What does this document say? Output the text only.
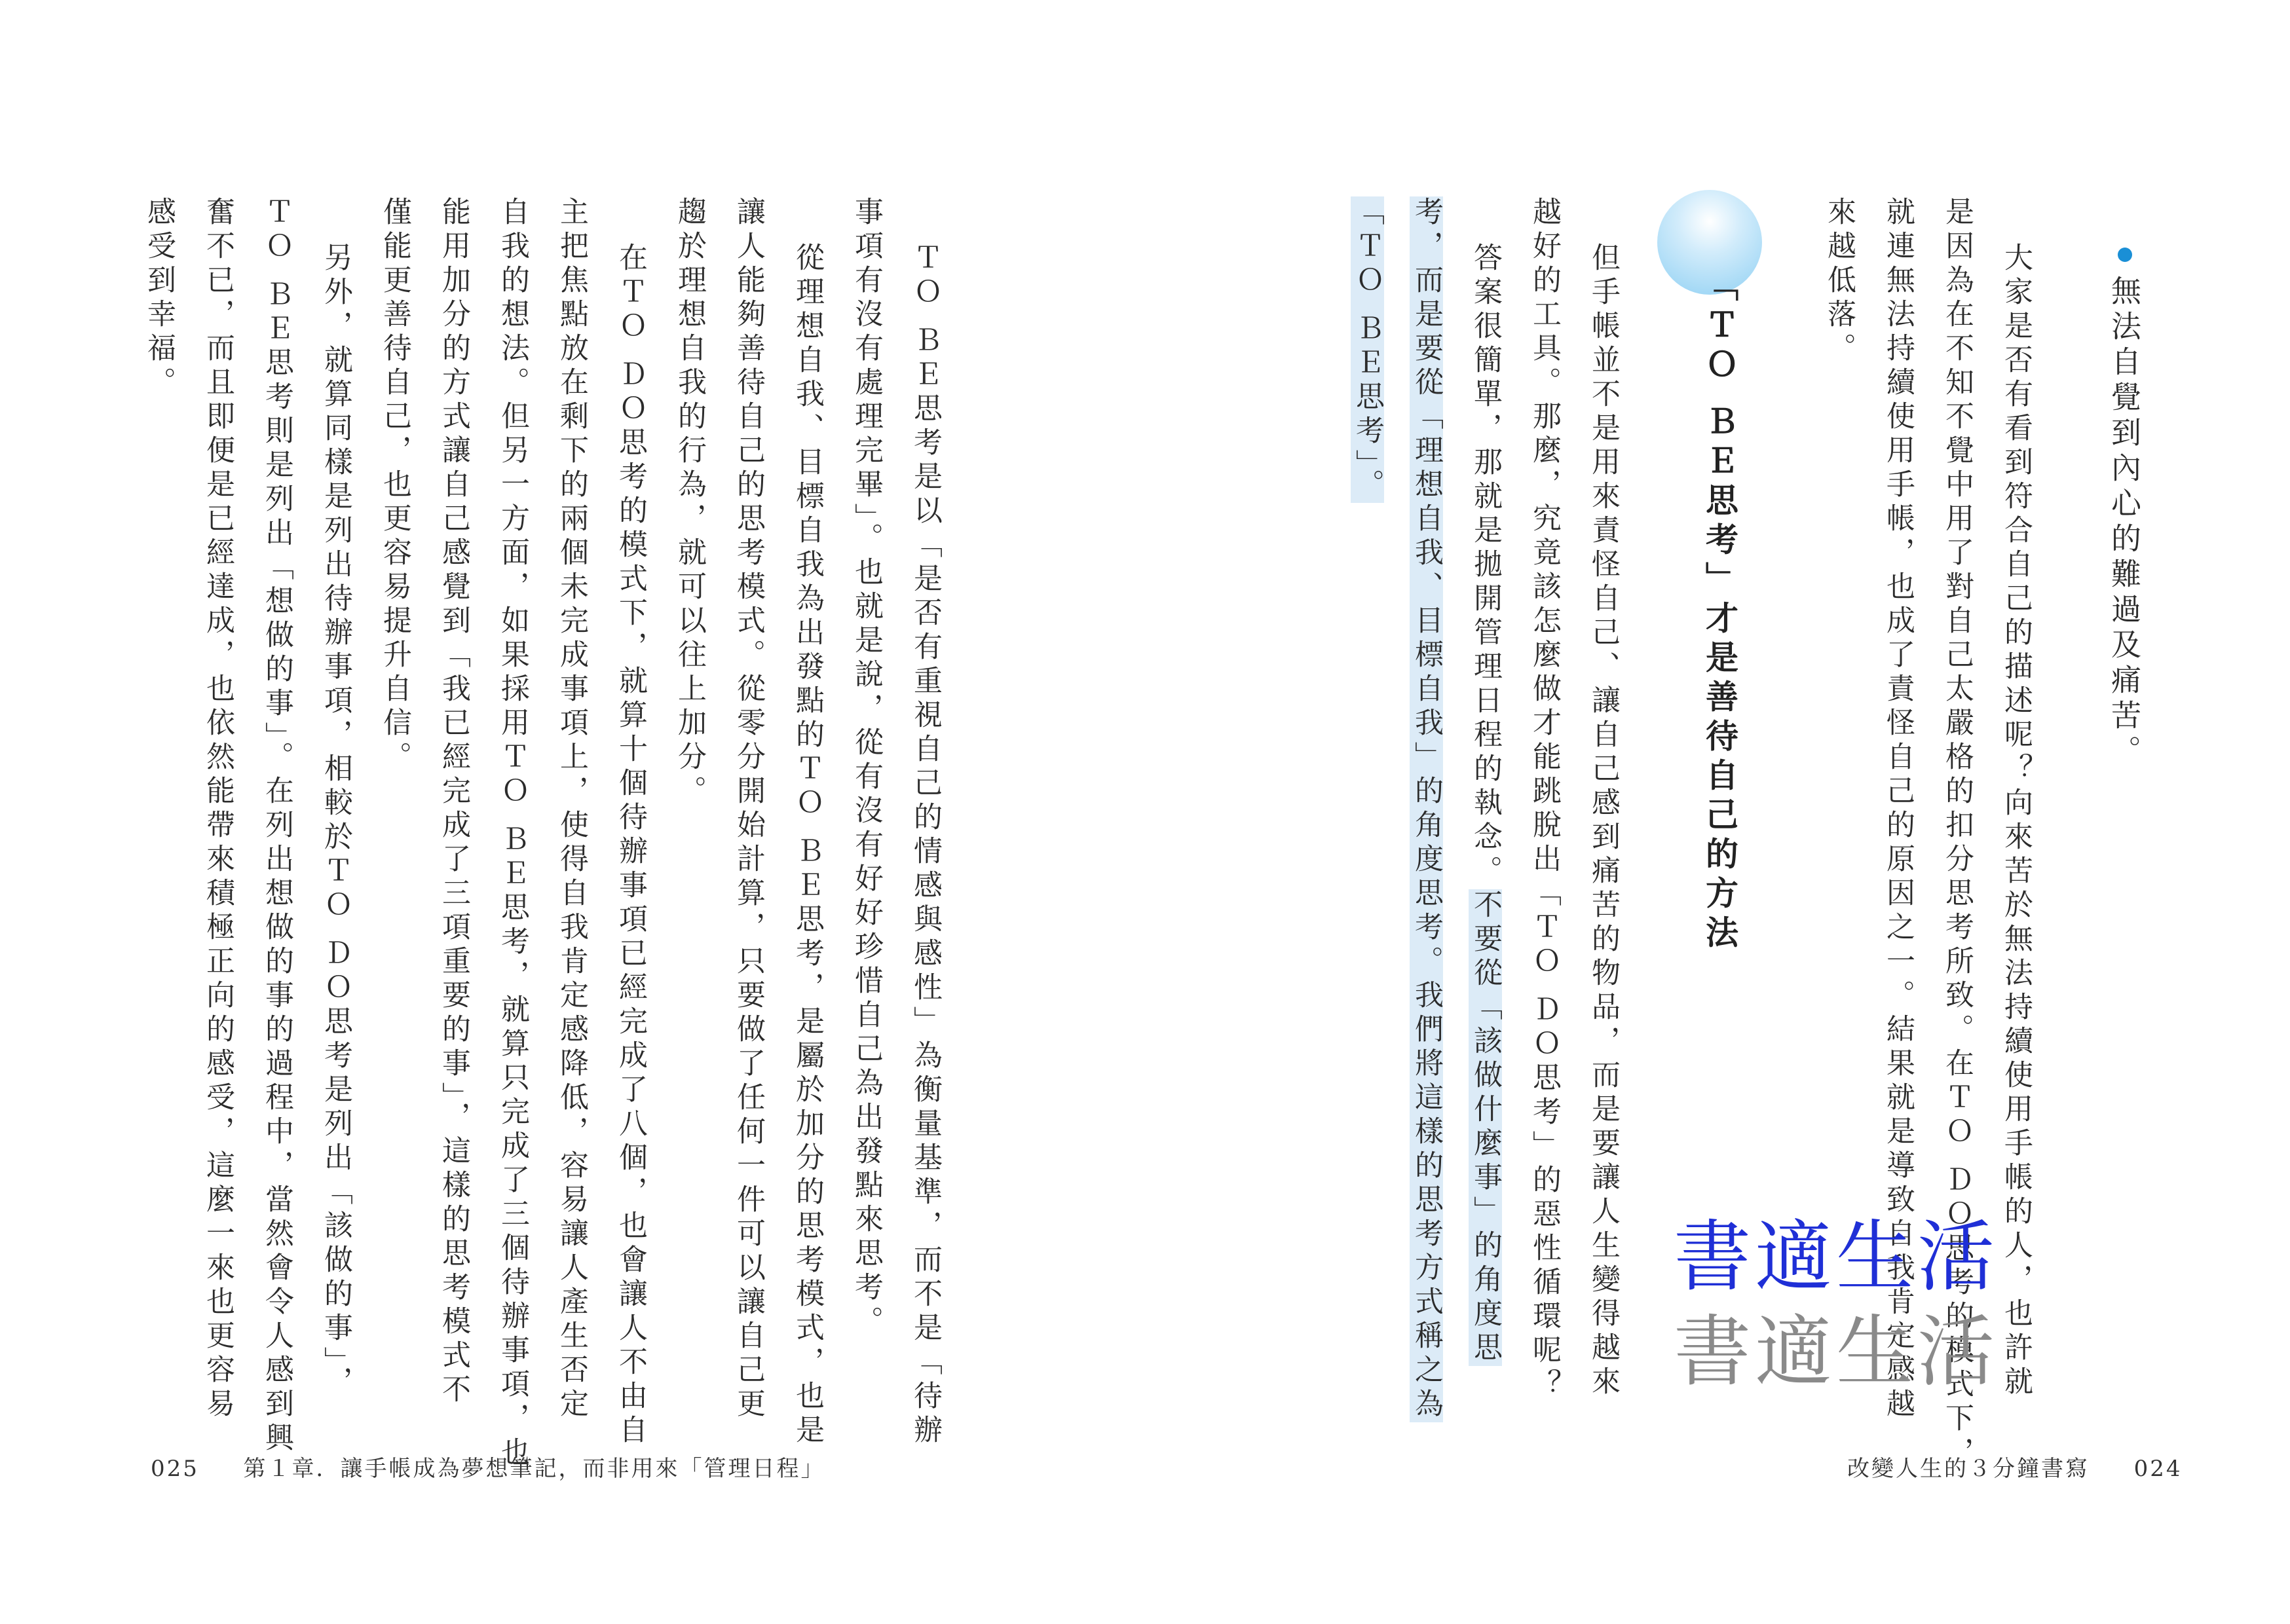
無法自覺到內心的難過及痛苦。
大家是否有看到符合自己的描述呢？向來苦於無法持續使用手帳的人，也許就
是因為在不知不覺中用了對自己太嚴格的扣分思考所致。在ＴＯ ＤＯ思考的模式下，
就連無法持續使用手帳，也成了責怪自己的原因之一。結果就是導致自我肯定感越
來越低落。
「ＴＯ ＢＥ思考」才是善待自己的方法
但手帳並不是用來責怪自己、讓自己感到痛苦的物品，而是要讓人生變得越來
越好的工具。那麼，究竟該怎麼做才能跳脫出「ＴＯ ＤＯ思考」的惡性循環呢？
答案很簡單，那就是拋開管理日程的執念。不要從「該做什麼事」的角度思
考，而是要從「理想自我、目標自我」的角度思考。我們將這樣的思考方式稱之為
「ＴＯ ＢＥ思考」。
改變人生的３分鐘書寫 024
ＴＯ ＢＥ思考是以「是否有重視自己的情感與感性」為衡量基準，而不是「待辦
事項有沒有處理完畢」。也就是說，從有沒有好好珍惜自己為出發點來思考。
從理想自我、目標自我為出發點的ＴＯ ＢＥ思考，是屬於加分的思考模式，也是
讓人能夠善待自己的思考模式。從零分開始計算，只要做了任何一件可以讓自己更
趨於理想自我的行為，就可以往上加分。
在ＴＯ ＤＯ思考的模式下，就算十個待辦事項已經完成了八個，也會讓人不由自
主把焦點放在剩下的兩個未完成事項上，使得自我肯定感降低，容易讓人產生否定
自我的想法。但另一方面，如果採用ＴＯ ＢＥ思考，就算只完成了三個待辦事項，也
能用加分的方式讓自己感覺到「我已經完成了三項重要的事」，這樣的思考模式不
僅能更善待自己，也更容易提升自信。
另外，就算同樣是列出待辦事項，相較於ＴＯ ＤＯ思考是列出「該做的事」，
ＴＯ ＢＥ思考則是列出「想做的事」。在列出想做的事的過程中，當然會令人感到興
奮不已，而且即便是已經達成，也依然能帶來積極正向的感受，這麼一來也更容易
感受到幸福。
025 第１章．讓手帳成為夢想筆記，而非用來「管理日程」
書適生活
書適生活
